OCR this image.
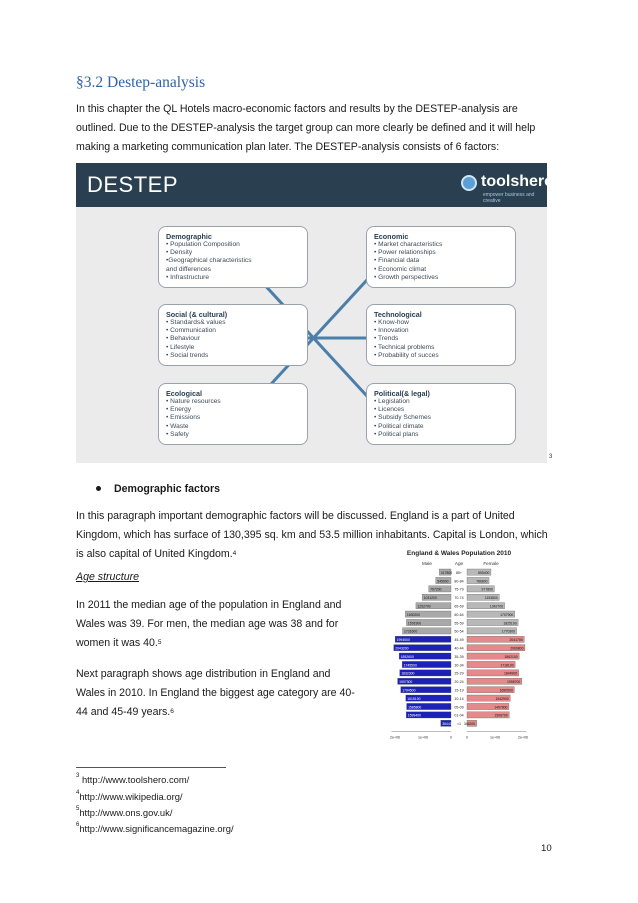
§3.2 Destep-analysis

In this chapter the QL Hotels macro-economic factors and results by the DESTEP-analysis are outlined. Due to the DESTEP-analysis the target group can more clearly be defined and it will help making a marketing communication plan later. The DESTEP-analysis consists of 6 factors:

DESTEP	toolshero
empower business and creative
Demographic
• Population Composition
• Density
•Geographical characteristics
and differences
• Infrastructure
Economic
• Market characteristics
• Power relationships
• Financial data
• Economic climat
• Growth perspectives
Social (& cultural)
• Standards& values
• Communication
• Behaviour
• Lifestyle
• Social trends
Technological
• Know-how
• Innovation
• Trends
• Technical problems
• Probability of succes
Ecological
• Nature resources
• Energy
• Emissions
• Waste
• Safety
Political(& legal)
• Legislation
• Licences
• Subsidy Schemes
• Political climate
• Political plans
3
Demographic factors

In this paragraph important demographic factors will be discussed. England is a part of United Kingdom, which has surface of 130,395 sq. km and 53.5 million inhabitants. Capital is London, which is also capital of United Kingdom.$^4$

Age structure

In 2011 the median age of the population in England and Wales was 39. For men, the median age was 38 and for women it was 40.$^5$

Next paragraph shows age distribution in England and Wales in 2010. In England the biggest age category are 40-44 and 45-49 years.$^6$

England & Wales Population 2010
Male	Age	Female
85+
417800	855400
80-84
545000	786800
75-79
797200	977800
70-74
1031200	1153800
65-69
1252700	1342700
60-64
1630200	1707900
55-59
1591900	1825100
50-54
1731600	1770300
45-49
1994500	2041700
40-44
2043200	2069800
35-39
1852600	1862100
30-34
1745500	1718100
25-29
1832300	1844900
20-24
1907300	1955700
15-19
1794500	1690500
10-14
1615100	1542900
05-09
1585800	1497800
01-04
1599400	1506700
<1
364400	346200
2e+06	1e+06	0	0	1e+06	2e+06
$^3$ http://www.toolshero.com/
$^4$http://www.wikipedia.org/
$^5$http://www.ons.gov.uk/
$^6$http://www.significancemagazine.org/
10
